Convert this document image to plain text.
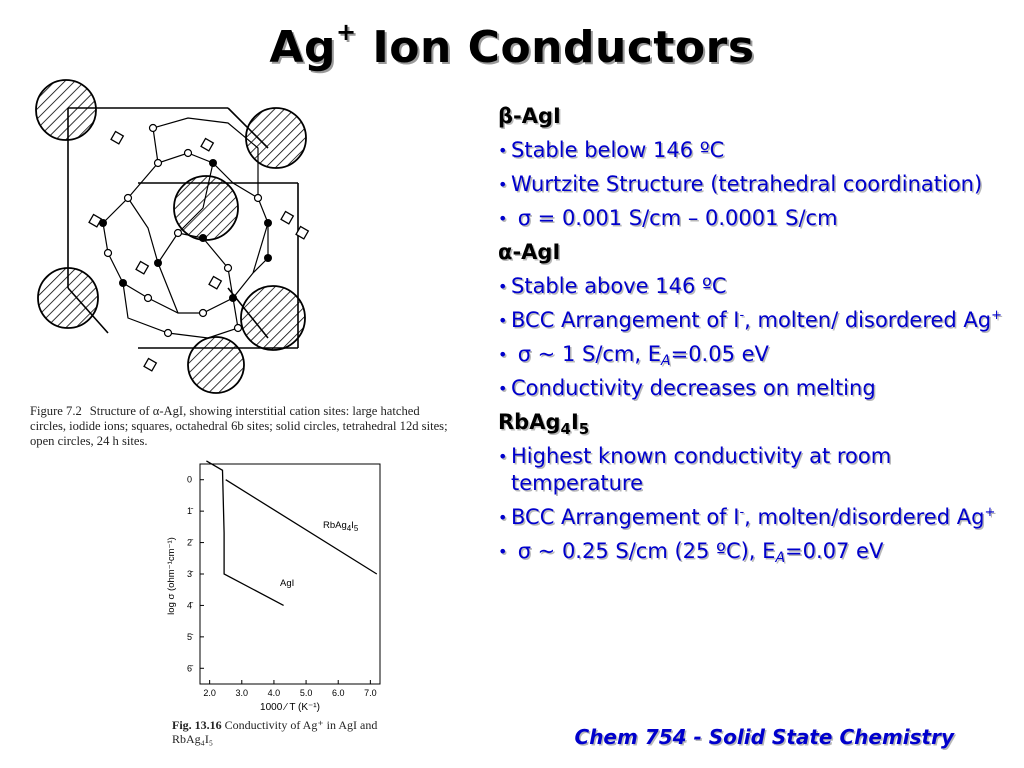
Ag+ Ion Conductors
Figure 7.2 Structure of α-AgI, showing interstitial cation sites: large hatched circles, iodide ions; squares, octahedral 6b sites; solid circles, tetrahedral 12d sites; open circles, 24 h sites.
0
1̄
2̄
3̄
4̄
5̄
6̄
2.0 3.0 4.0 5.0 6.0 7.0
log σ (ohm⁻¹cm⁻¹)
1000 ⁄ T (K⁻¹)
$RbAg_4I_5$
AgI
Fig. 13.16 Conductivity of Ag⁺ in AgI and RbAg₄I₅
β-AgI
• Stable below 146 ºC
• Wurtzite Structure (tetrahedral coordination)
• σ = 0.001 S/cm – 0.0001 S/cm
α-AgI
• Stable above 146 ºC
• BCC Arrangement of I-, molten/ disordered Ag+
• σ ~ 1 S/cm, $E_A=0.05$ eV
• Conductivity decreases on melting
$RbAg_4I_5$
• Highest known conductivity at room temperature
• BCC Arrangement of I-, molten/disordered Ag+
• σ ~ 0.25 S/cm (25 ºC), $E_A=0.07$ eV
Chem 754 - Solid State Chemistry
